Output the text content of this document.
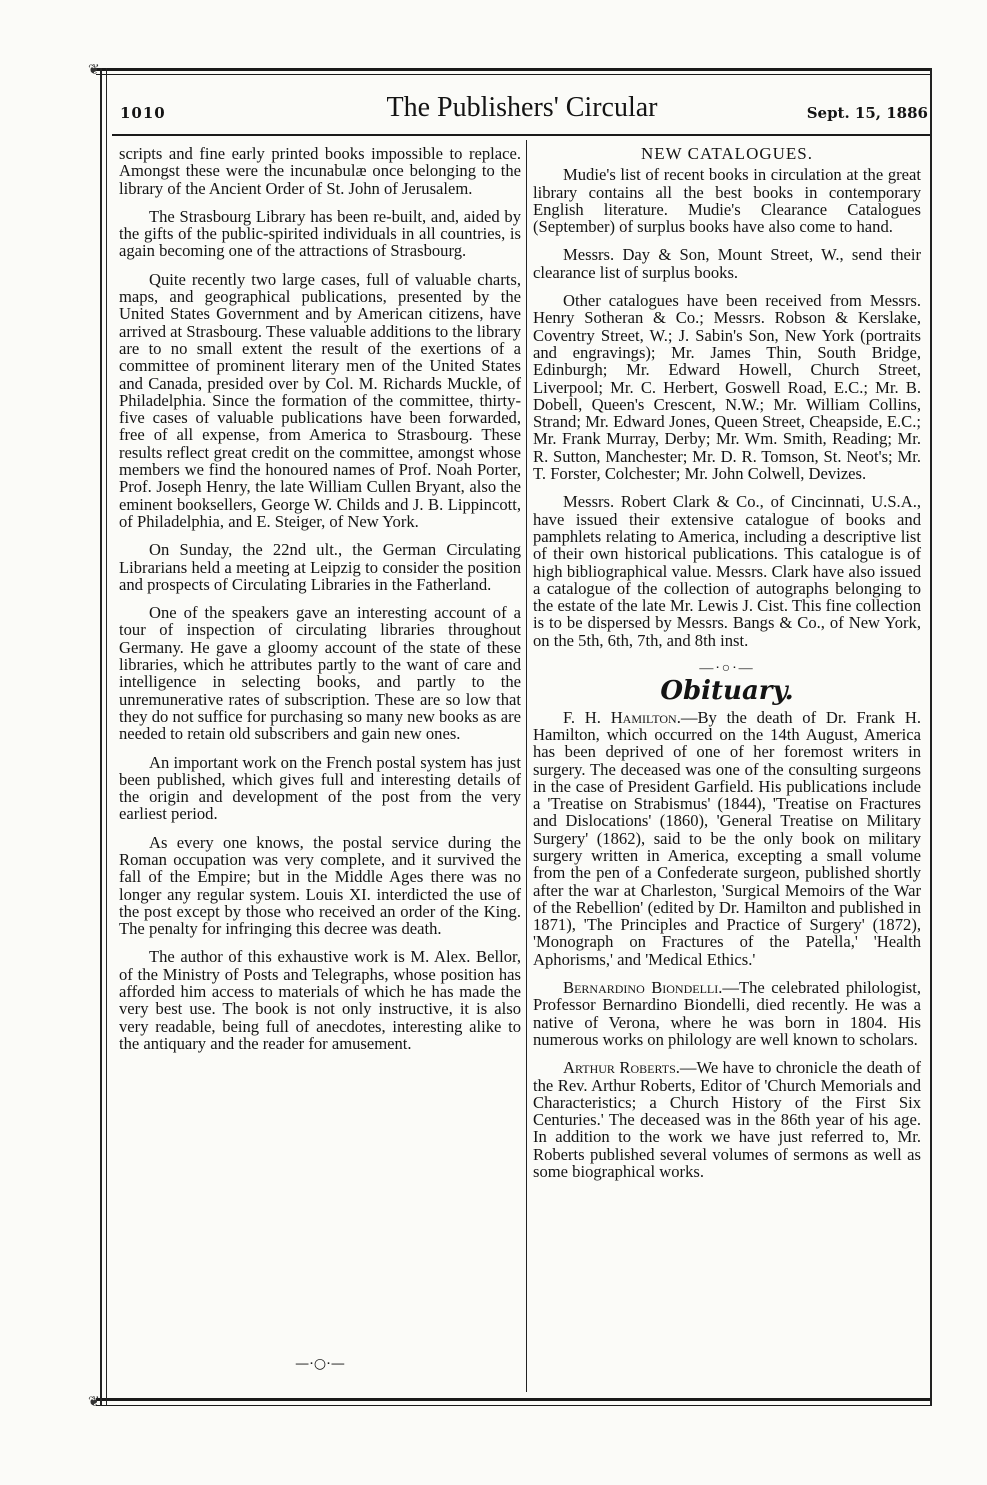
❦
❦
1010	The Publishers' Circular	Sept. 15, 1886

scripts and fine early printed books impossible to replace. Amongst these were the incunabulæ once belonging to the library of the Ancient Order of St. John of Jerusalem.

The Strasbourg Library has been re-built, and, aided by the gifts of the public-spirited individuals in all countries, is again becoming one of the attractions of Strasbourg.

Quite recently two large cases, full of valuable charts, maps, and geographical publications, presented by the United States Government and by American citizens, have arrived at Strasbourg. These valuable additions to the library are to no small extent the result of the exertions of a committee of prominent literary men of the United States and Canada, presided over by Col. M. Richards Muckle, of Philadelphia. Since the formation of the committee, thirty-five cases of valuable publications have been forwarded, free of all expense, from America to Strasbourg. These results reflect great credit on the committee, amongst whose members we find the honoured names of Prof. Noah Porter, Prof. Joseph Henry, the late William Cullen Bryant, also the eminent booksellers, George W. Childs and J. B. Lippincott, of Philadelphia, and E. Steiger, of New York.

On Sunday, the 22nd ult., the German Circulating Librarians held a meeting at Leipzig to consider the position and prospects of Circulating Libraries in the Fatherland.

One of the speakers gave an interesting account of a tour of inspection of circulating libraries throughout Germany. He gave a gloomy account of the state of these libraries, which he attributes partly to the want of care and intelligence in selecting books, and partly to the unremunerative rates of subscription. These are so low that they do not suffice for purchasing so many new books as are needed to retain old subscribers and gain new ones.

An important work on the French postal system has just been published, which gives full and interesting details of the origin and development of the post from the very earliest period.

As every one knows, the postal service during the Roman occupation was very complete, and it survived the fall of the Empire; but in the Middle Ages there was no longer any regular system. Louis XI. interdicted the use of the post except by those who received an order of the King. The penalty for infringing this decree was death.

The author of this exhaustive work is M. Alex. Bellor, of the Ministry of Posts and Telegraphs, whose position has afforded him access to materials of which he has made the very best use. The book is not only instructive, it is also very readable, being full of anecdotes, interesting alike to the antiquary and the reader for amusement.

—⋅○⋅—
NEW CATALOGUES.

Mudie's list of recent books in circulation at the great library contains all the best books in contemporary English literature. Mudie's Clearance Catalogues (September) of surplus books have also come to hand.

Messrs. Day & Son, Mount Street, W., send their clearance list of surplus books.

Other catalogues have been received from Messrs. Henry Sotheran & Co.; Messrs. Robson & Kerslake, Coventry Street, W.; J. Sabin's Son, New York (portraits and engravings); Mr. James Thin, South Bridge, Edinburgh; Mr. Edward Howell, Church Street, Liverpool; Mr. C. Herbert, Goswell Road, E.C.; Mr. B. Dobell, Queen's Crescent, N.W.; Mr. William Collins, Strand; Mr. Edward Jones, Queen Street, Cheapside, E.C.; Mr. Frank Murray, Derby; Mr. Wm. Smith, Reading; Mr. R. Sutton, Manchester; Mr. D. R. Tomson, St. Neot's; Mr. T. Forster, Colchester; Mr. John Colwell, Devizes.

Messrs. Robert Clark & Co., of Cincinnati, U.S.A., have issued their extensive catalogue of books and pamphlets relating to America, including a descriptive list of their own historical publications. This catalogue is of high bibliographical value. Messrs. Clark have also issued a catalogue of the collection of autographs belonging to the estate of the late Mr. Lewis J. Cist. This fine collection is to be dispersed by Messrs. Bangs & Co., of New York, on the 5th, 6th, 7th, and 8th inst.

—⋅○⋅—
Obituary.

F. H. Hamilton.—By the death of Dr. Frank H. Hamilton, which occurred on the 14th August, America has been deprived of one of her foremost writers in surgery. The deceased was one of the consulting surgeons in the case of President Garfield. His publications include a 'Treatise on Strabismus' (1844), 'Treatise on Fractures and Dislocations' (1860), 'General Treatise on Military Surgery' (1862), said to be the only book on military surgery written in America, excepting a small volume from the pen of a Confederate surgeon, published shortly after the war at Charleston, 'Surgical Memoirs of the War of the Rebellion' (edited by Dr. Hamilton and published in 1871), 'The Principles and Practice of Surgery' (1872), 'Monograph on Fractures of the Patella,' 'Health Aphorisms,' and 'Medical Ethics.'

Bernardino Biondelli.—The celebrated philologist, Professor Bernardino Biondelli, died recently. He was a native of Verona, where he was born in 1804. His numerous works on philology are well known to scholars.

Arthur Roberts.—We have to chronicle the death of the Rev. Arthur Roberts, Editor of 'Church Memorials and Characteristics; a Church History of the First Six Centuries.' The deceased was in the 86th year of his age. In addition to the work we have just referred to, Mr. Roberts published several volumes of sermons as well as some biographical works.
